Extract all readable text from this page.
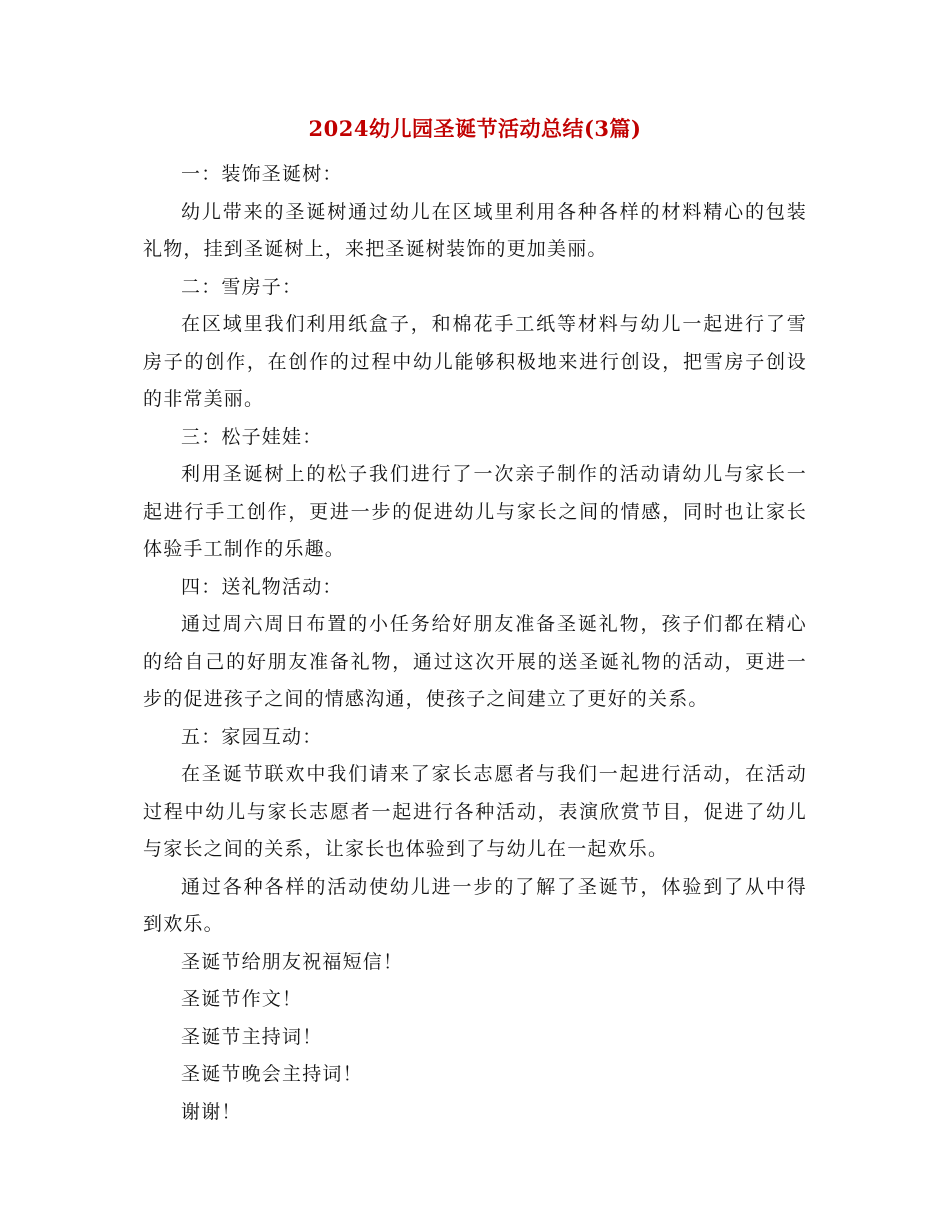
2024幼儿园圣诞节活动总结(3篇)

一：装饰圣诞树：

幼儿带来的圣诞树通过幼儿在区域里利用各种各样的材料精心的包装礼物，挂到圣诞树上，来把圣诞树装饰的更加美丽。

二：雪房子：

在区域里我们利用纸盒子，和棉花手工纸等材料与幼儿一起进行了雪房子的创作，在创作的过程中幼儿能够积极地来进行创设，把雪房子创设的非常美丽。

三：松子娃娃：

利用圣诞树上的松子我们进行了一次亲子制作的活动请幼儿与家长一起进行手工创作，更进一步的促进幼儿与家长之间的情感，同时也让家长体验手工制作的乐趣。

四：送礼物活动：

通过周六周日布置的小任务给好朋友准备圣诞礼物，孩子们都在精心的给自己的好朋友准备礼物，通过这次开展的送圣诞礼物的活动，更进一步的促进孩子之间的情感沟通，使孩子之间建立了更好的关系。

五：家园互动：

在圣诞节联欢中我们请来了家长志愿者与我们一起进行活动，在活动过程中幼儿与家长志愿者一起进行各种活动，表演欣赏节目，促进了幼儿与家长之间的关系，让家长也体验到了与幼儿在一起欢乐。

通过各种各样的活动使幼儿进一步的了解了圣诞节，体验到了从中得到欢乐。

圣诞节给朋友祝福短信！

圣诞节作文！

圣诞节主持词！

圣诞节晚会主持词！

谢谢！
